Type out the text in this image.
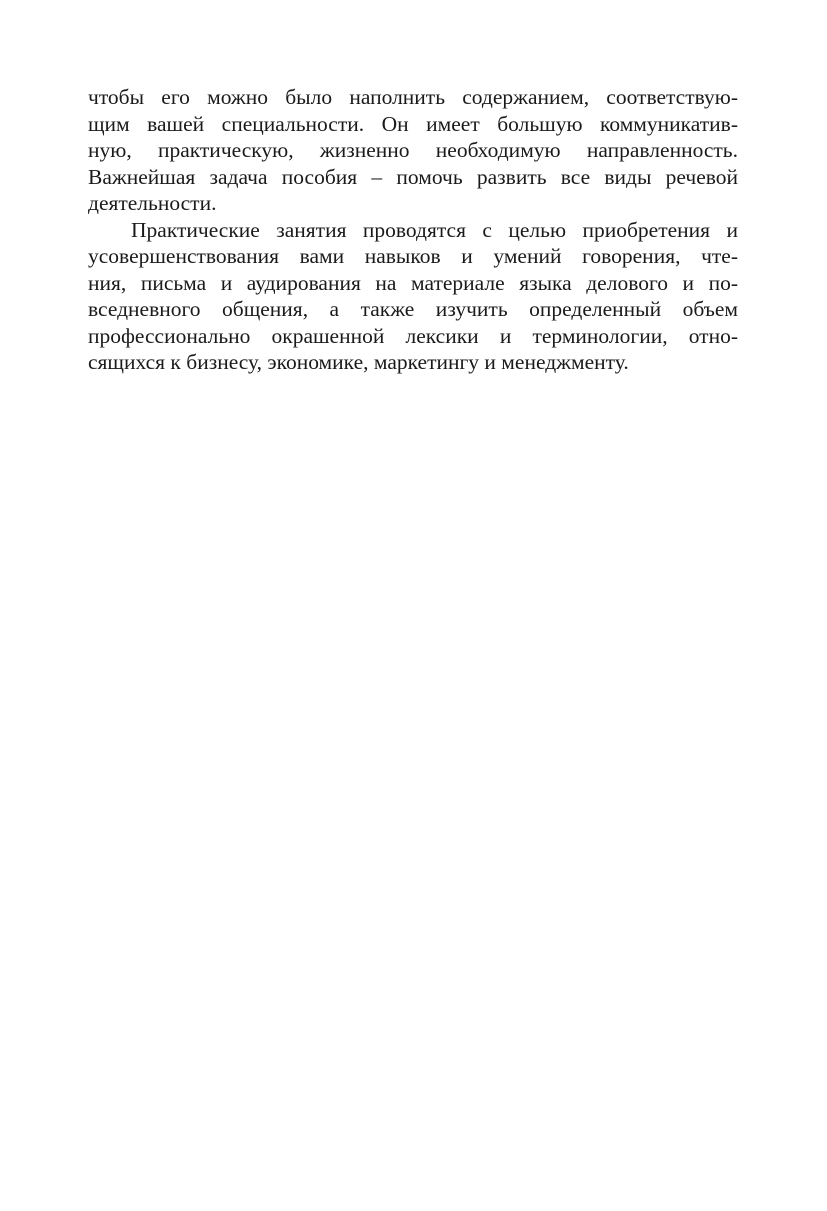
чтобы его можно было наполнить содержанием, соответствую-
щим вашей специальности. Он имеет большую коммуникатив-
ную, практическую, жизненно необходимую направленность.
Важнейшая задача пособия – помочь развить все виды речевой
деятельности.
Практические занятия проводятся с целью приобретения и
усовершенствования вами навыков и умений говорения, чте-
ния, письма и аудирования на материале языка делового и по-
вседневного общения, а также изучить определенный объем
профессионально окрашенной лексики и терминологии, отно-
сящихся к бизнесу, экономике, маркетингу и менеджменту.
